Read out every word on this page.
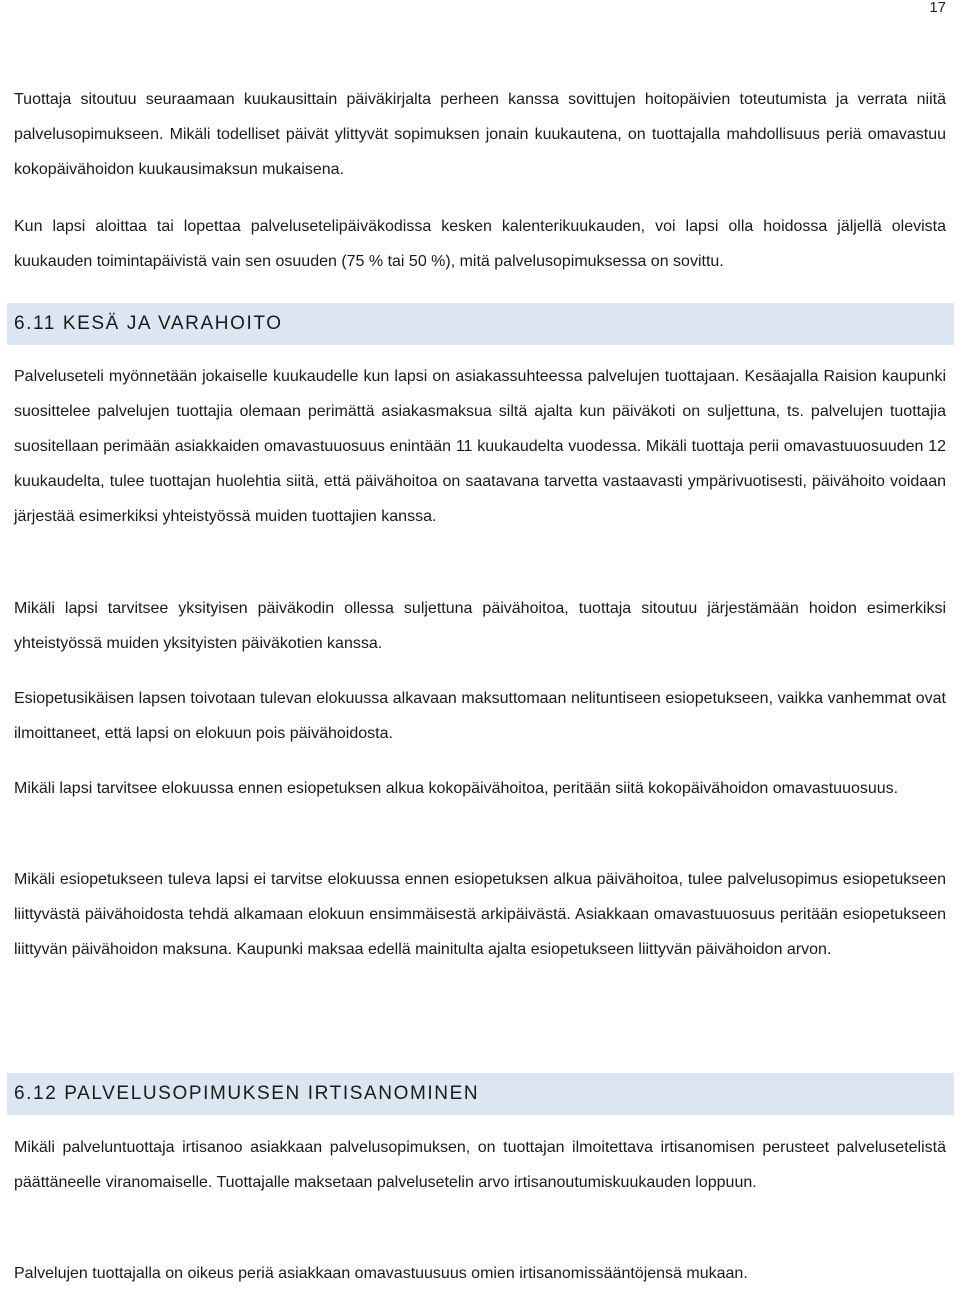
17

Tuottaja sitoutuu seuraamaan kuukausittain päiväkirjalta perheen kanssa sovittujen hoitopäivien toteutumista ja verrata niitä palvelusopimukseen. Mikäli todelliset päivät ylittyvät sopimuksen jonain kuukautena, on tuottajalla mahdollisuus periä omavastuu kokopäivähoidon kuukausimaksun mukaisena.

Kun lapsi aloittaa tai lopettaa palvelusetelipäiväkodissa kesken kalenterikuukauden, voi lapsi olla hoidossa jäljellä olevista kuukauden toimintapäivistä vain sen osuuden (75 % tai 50 %), mitä palvelusopimuksessa on sovittu.

6.11 KESÄ JA VARAHOITO

Palveluseteli myönnetään jokaiselle kuukaudelle kun lapsi on asiakassuhteessa palvelujen tuottajaan. Kesäajalla Raision kaupunki suosittelee palvelujen tuottajia olemaan perimättä asiakasmaksua siltä ajalta kun päiväkoti on suljettuna, ts. palvelujen tuottajia suositellaan perimään asiakkaiden omavastuuosuus enintään 11 kuukaudelta vuodessa. Mikäli tuottaja perii omavastuuosuuden 12 kuukaudelta, tulee tuottajan huolehtia siitä, että päivähoitoa on saatavana tarvetta vastaavasti ympärivuotisesti, päivähoito voidaan järjestää esimerkiksi yhteistyössä muiden tuottajien kanssa.

Mikäli lapsi tarvitsee yksityisen päiväkodin ollessa suljettuna päivähoitoa, tuottaja sitoutuu järjestämään hoidon esimerkiksi yhteistyössä muiden yksityisten päiväkotien kanssa.

Esiopetusikäisen lapsen toivotaan tulevan elokuussa alkavaan maksuttomaan nelituntiseen esiopetukseen, vaikka vanhemmat ovat ilmoittaneet, että lapsi on elokuun pois päivähoidosta.

Mikäli lapsi tarvitsee elokuussa ennen esiopetuksen alkua kokopäivähoitoa, peritään siitä kokopäivähoidon omavastuuosuus.

Mikäli esiopetukseen tuleva lapsi ei tarvitse elokuussa ennen esiopetuksen alkua päivähoitoa, tulee palvelusopimus esiopetukseen liittyvästä päivähoidosta tehdä alkamaan elokuun ensimmäisestä arkipäivästä. Asiakkaan omavastuuosuus peritään esiopetukseen liittyvän päivähoidon maksuna. Kaupunki maksaa edellä mainitulta ajalta esiopetukseen liittyvän päivähoidon arvon.

6.12 PALVELUSOPIMUKSEN IRTISANOMINEN

Mikäli palveluntuottaja irtisanoo asiakkaan palvelusopimuksen, on tuottajan ilmoitettava irtisanomisen perusteet palvelusetelistä päättäneelle viranomaiselle. Tuottajalle maksetaan palvelusetelin arvo irtisanoutumiskuukauden loppuun.

Palvelujen tuottajalla on oikeus periä asiakkaan omavastuusuus omien irtisanomissääntöjensä mukaan.
